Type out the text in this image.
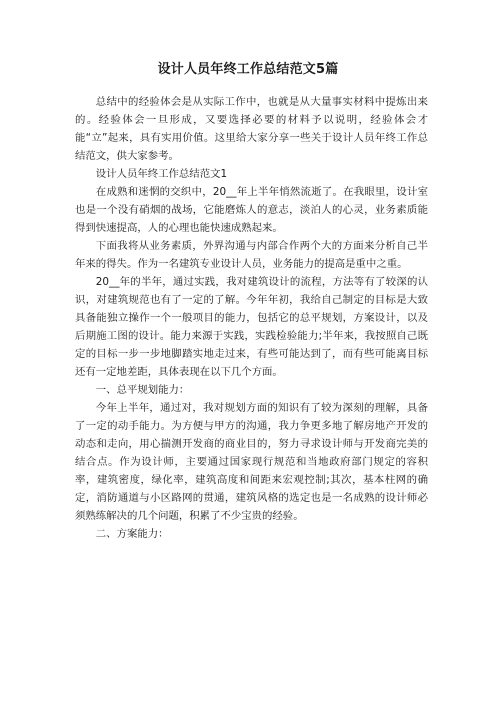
设计人员年终工作总结范文5篇

总结中的经验体会是从实际工作中，也就是从大量事实材料中提炼出来的。经验体会一旦形成，又要选择必要的材料予以说明，经验体会才能“立”起来，具有实用价值。这里给大家分享一些关于设计人员年终工作总结范文，供大家参考。

设计人员年终工作总结范文1

在成熟和迷惘的交织中，20__年上半年悄然流逝了。在我眼里，设计室也是一个没有硝烟的战场，它能磨炼人的意志，淡泊人的心灵，业务素质能得到快速提高，人的心理也能快速成熟起来。

下面我将从业务素质，外界沟通与内部合作两个大的方面来分析自己半年来的得失。作为一名建筑专业设计人员，业务能力的提高是重中之重。

20__年的半年，通过实践，我对建筑设计的流程，方法等有了较深的认识，对建筑规范也有了一定的了解。今年年初，我给自己制定的目标是大致具备能独立操作一个一般项目的能力，包括它的总平规划，方案设计，以及后期施工图的设计。能力来源于实践，实践检验能力;半年来，我按照自己既定的目标一步一步地脚踏实地走过来，有些可能达到了，而有些可能离目标还有一定地差距，具体表现在以下几个方面。

一、总平规划能力：

今年上半年，通过对，我对规划方面的知识有了较为深刻的理解，具备了一定的动手能力。为方便与甲方的沟通，我力争更多地了解房地产开发的动态和走向，用心揣测开发商的商业目的，努力寻求设计师与开发商完美的结合点。作为设计师，主要通过国家现行规范和当地政府部门规定的容积率，建筑密度，绿化率，建筑高度和间距来宏观控制;其次，基本柱网的确定，消防通道与小区路网的贯通，建筑风格的选定也是一名成熟的设计师必须熟练解决的几个问题，积累了不少宝贵的经验。

二、方案能力：
